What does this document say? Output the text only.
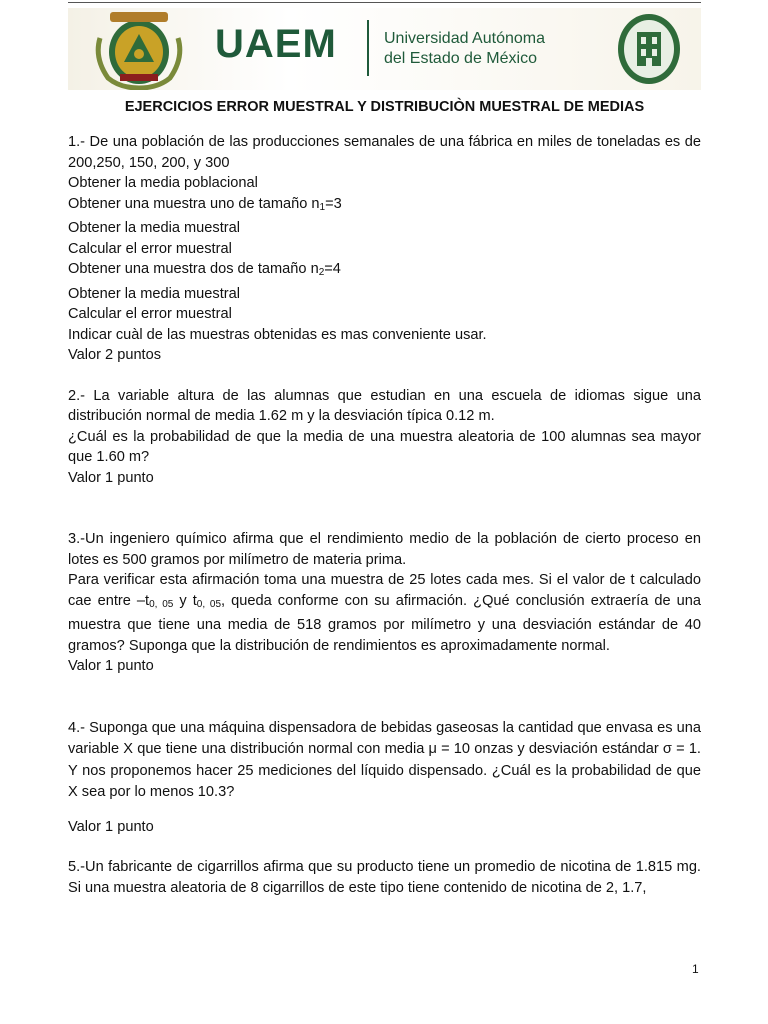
UAEM	Universidad Autónoma
del Estado de México
EJERCICIOS ERROR MUESTRAL Y DISTRIBUCIÒN MUESTRAL DE MEDIAS

1.- De una población de las producciones semanales de una fábrica en miles de toneladas es de 200,250, 150, 200, y 300

Obtener la media poblacional

Obtener una muestra uno de tamaño $n_1=3$

Obtener la media muestral

Calcular el error muestral

Obtener una muestra dos de tamaño $n_2=4$

Obtener la media muestral

Calcular el error muestral

Indicar cuàl de las muestras obtenidas es mas conveniente usar.

Valor 2 puntos

2.- La variable altura de las alumnas que estudian en una escuela de idiomas sigue una distribución normal de media 1.62 m y la desviación típica 0.12 m.

¿Cuál es la probabilidad de que la media de una muestra aleatoria de 100 alumnas sea mayor que 1.60 m?

Valor 1 punto

3.-Un ingeniero químico afirma que el rendimiento medio de la población de cierto proceso en lotes es 500 gramos por milímetro de materia prima.

Para verificar esta afirmación toma una muestra de 25 lotes cada mes. Si el valor de t calculado cae entre $-t_{0, 05}$ y $t_{0, 05}$, queda conforme con su afirmación. ¿Qué conclusión extraería de una muestra que tiene una media de 518 gramos por milímetro y una desviación estándar de 40 gramos? Suponga que la distribución de rendimientos es aproximadamente normal.

Valor 1 punto

4.- Suponga que una máquina dispensadora de bebidas gaseosas la cantidad que envasa es una variable X que tiene una distribución normal con media μ = 10 onzas y desviación estándar σ = 1. Y nos proponemos hacer 25 mediciones del líquido dispensado. ¿Cuál es la probabilidad de que X sea por lo menos 10.3?

Valor 1 punto

5.-Un fabricante de cigarrillos afirma que su producto tiene un promedio de nicotina de 1.815 mg. Si una muestra aleatoria de 8 cigarrillos de este tipo tiene contenido de nicotina de 2, 1.7,

1
